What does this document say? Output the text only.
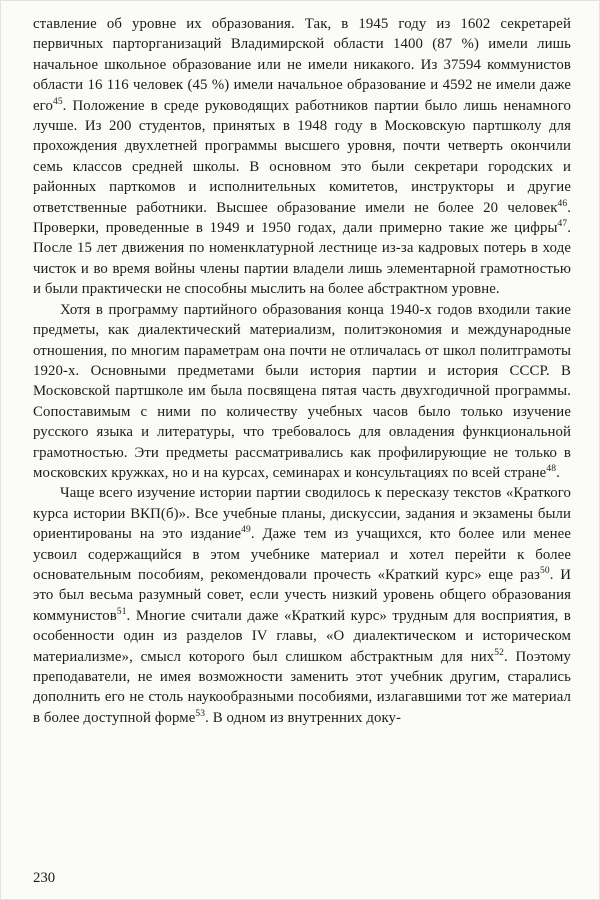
ставление об уровне их образования. Так, в 1945 году из 1602 секретарей первичных парторганизаций Владимирской области 1400 (87 %) имели лишь начальное школьное образование или не имели никакого. Из 37594 коммунистов области 16 116 человек (45 %) имели начальное образование и 4592 не имели даже его$^{45}$. Положение в среде руководящих работников партии было лишь ненамного лучше. Из 200 студентов, принятых в 1948 году в Московскую партшколу для прохождения двухлетней программы высшего уровня, почти четверть окончили семь классов средней школы. В основном это были секретари городских и районных парткомов и исполнительных комитетов, инструкторы и другие ответственные работники. Высшее образование имели не более 20 человек$^{46}$. Проверки, проведенные в 1949 и 1950 годах, дали примерно такие же цифры$^{47}$. После 15 лет движения по номенклатурной лестнице из-за кадровых потерь в ходе чисток и во время войны члены партии владели лишь элементарной грамотностью и были практически не способны мыслить на более абстрактном уровне.

Хотя в программу партийного образования конца 1940-х годов входили такие предметы, как диалектический материализм, политэкономия и международные отношения, по многим параметрам она почти не отличалась от школ политграмоты 1920-х. Основными предметами были история партии и история СССР. В Московской партшколе им была посвящена пятая часть двухгодичной программы. Сопоставимым с ними по количеству учебных часов было только изучение русского языка и литературы, что требовалось для овладения функциональной грамотностью. Эти предметы рассматривались как профилирующие не только в московских кружках, но и на курсах, семинарах и консультациях по всей стране$^{48}$.

Чаще всего изучение истории партии сводилось к пересказу текстов «Краткого курса истории ВКП(б)». Все учебные планы, дискуссии, задания и экзамены были ориентированы на это издание$^{49}$. Даже тем из учащихся, кто более или менее усвоил содержащийся в этом учебнике материал и хотел перейти к более основательным пособиям, рекомендовали прочесть «Краткий курс» еще раз$^{50}$. И это был весьма разумный совет, если учесть низкий уровень общего образования коммунистов$^{51}$. Многие считали даже «Краткий курс» трудным для восприятия, в особенности один из разделов IV главы, «О диалектическом и историческом материализме», смысл которого был слишком абстрактным для них$^{52}$. Поэтому преподаватели, не имея возможности заменить этот учебник другим, старались дополнить его не столь наукообразными пособиями, излагавшими тот же материал в более доступной форме$^{53}$. В одном из внутренних доку-

230
